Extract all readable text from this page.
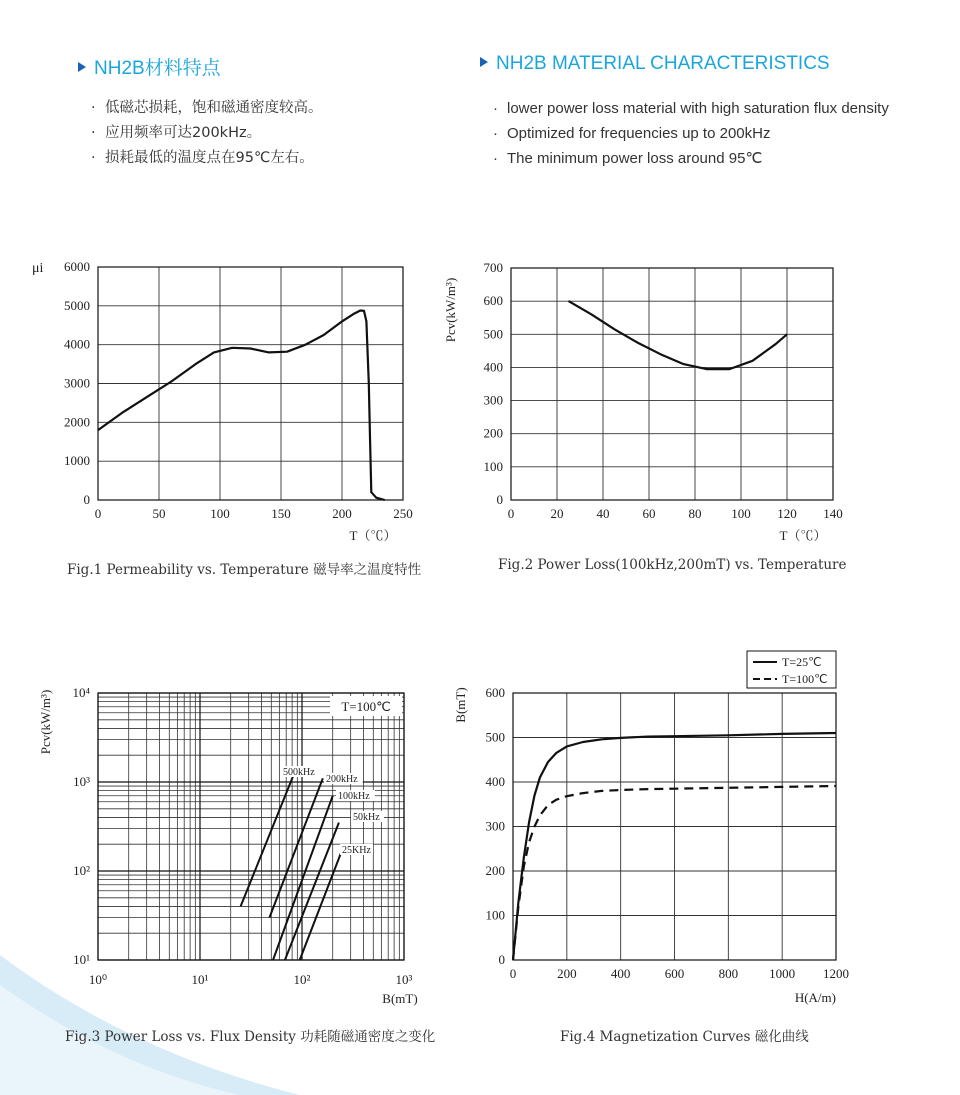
NH2B材料特点	NH2B MATERIAL CHARACTERISTICS
· 低磁芯损耗，饱和磁通密度较高。
· 应用频率可达200kHz。
· 损耗最低的温度点在95℃左右。
· lower power loss material with high saturation flux density
· Optimized for frequencies up to 200kHz
· The minimum power loss around 95℃
Fig.1 Permeability vs. Temperature 磁导率之温度特性	Fig.2 Power Loss(100kHz,200mT) vs. Temperature
Fig.3 Power Loss vs. Flux Density 功耗随磁通密度之变化	Fig.4 Magnetization Curves 磁化曲线
0	50	100	150	200	250
0
1000
2000
3000
4000
5000
6000
μi
T（℃）
0	20	40	60	80 100 120 140
0
100
200
300
400
500
600
700
Pcv(kW/m³)
T（℃）
10⁰	10¹	10²	10³
10¹
10²
10³
10⁴
Pcv(kW/m³)
B(mT)
T=100℃
500kHz
200kHz
100kHz
50kHz
25KHz
0	200	400	600	800 1000 1200
0
100
200
300
400
500
600
B(mT)
H(A/m)
T=25℃
T=100℃
